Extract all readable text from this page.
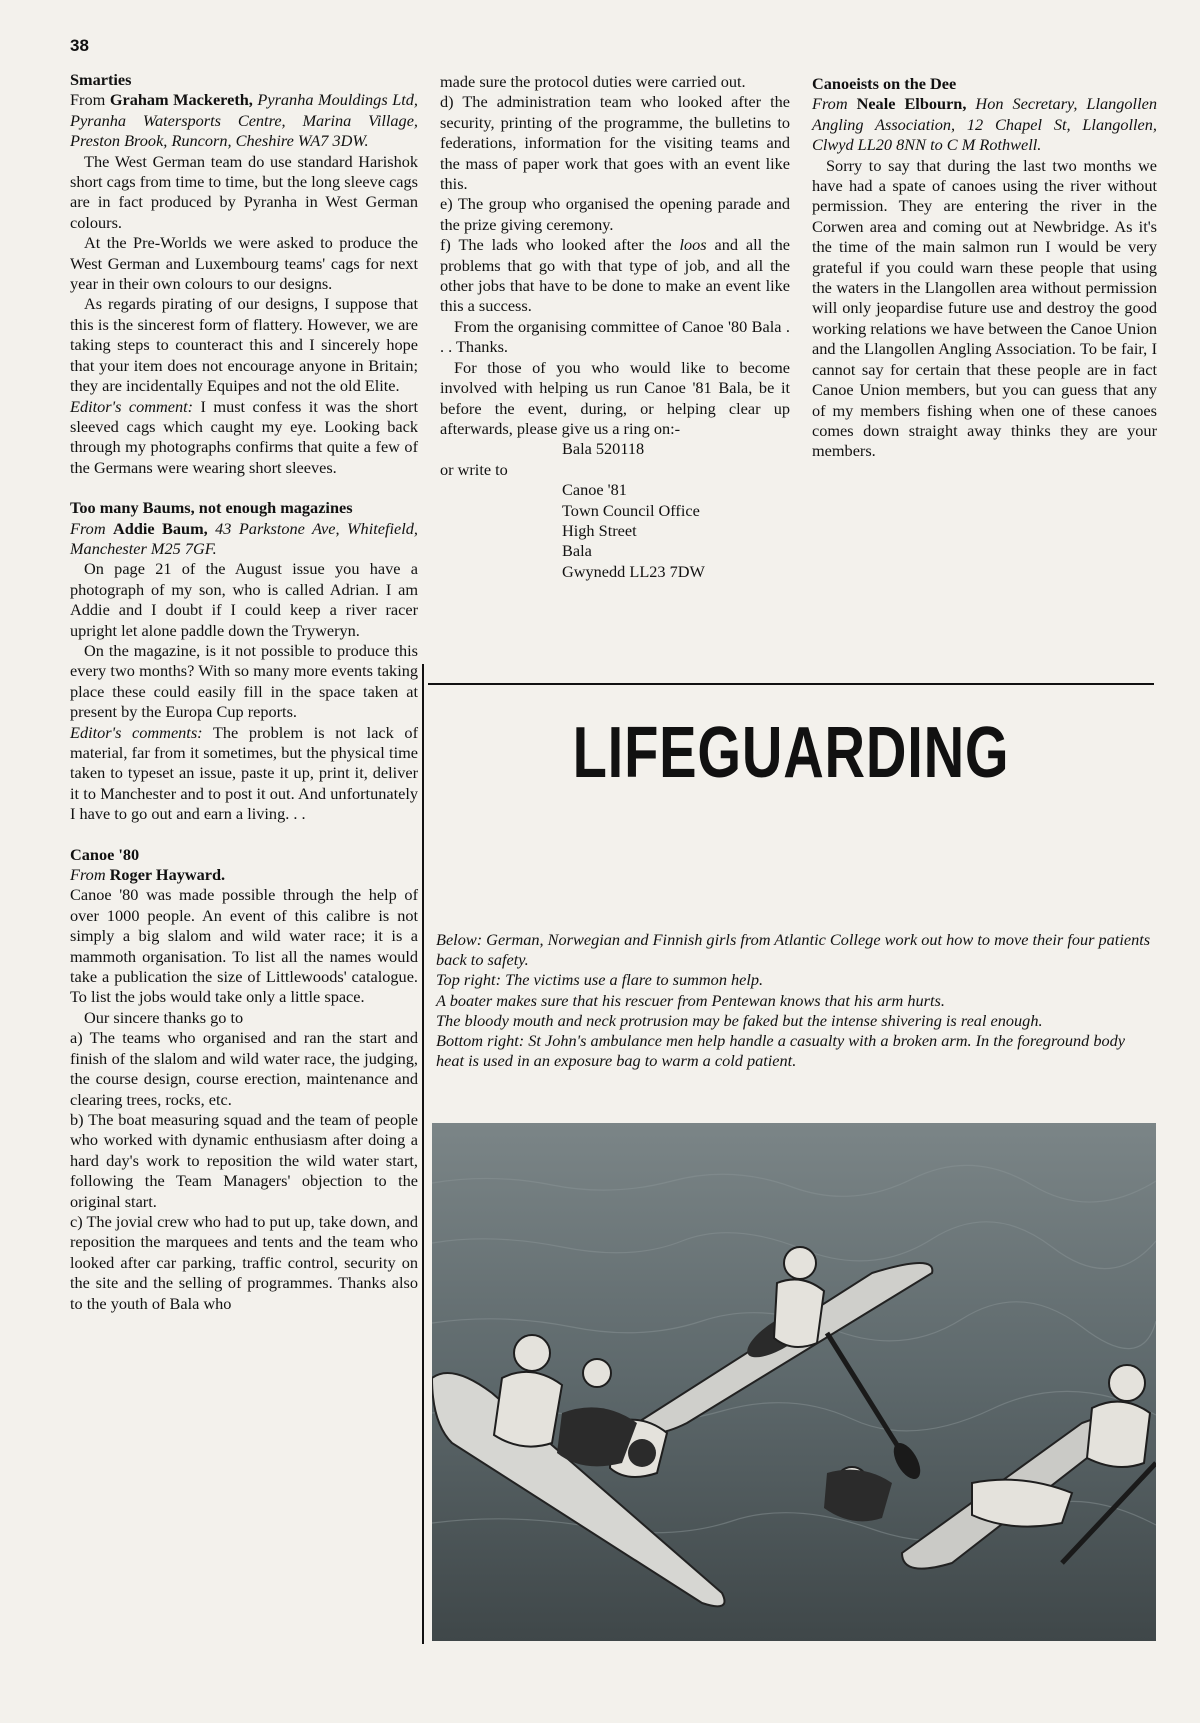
38

Smarties

From Graham Mackereth, Pyranha Mouldings Ltd, Pyranha Watersports Centre, Marina Village, Preston Brook, Runcorn, Cheshire WA7 3DW.

The West German team do use standard Harishok short cags from time to time, but the long sleeve cags are in fact produced by Pyranha in West German colours.

At the Pre-Worlds we were asked to produce the West German and Luxembourg teams' cags for next year in their own colours to our designs.

As regards pirating of our designs, I suppose that this is the sincerest form of flattery. However, we are taking steps to counteract this and I sincerely hope that your item does not encourage anyone in Britain; they are incidentally Equipes and not the old Elite.

Editor's comment: I must confess it was the short sleeved cags which caught my eye. Looking back through my photographs confirms that quite a few of the Germans were wearing short sleeves.

Too many Baums, not enough magazines

From Addie Baum, 43 Parkstone Ave, Whitefield, Manchester M25 7GF.

On page 21 of the August issue you have a photograph of my son, who is called Adrian. I am Addie and I doubt if I could keep a river racer upright let alone paddle down the Tryweryn.

On the magazine, is it not possible to produce this every two months? With so many more events taking place these could easily fill in the space taken at present by the Europa Cup reports.

Editor's comments: The problem is not lack of material, far from it sometimes, but the physical time taken to typeset an issue, paste it up, print it, deliver it to Manchester and to post it out. And unfortunately I have to go out and earn a living. . .

Canoe '80

From Roger Hayward.

Canoe '80 was made possible through the help of over 1000 people. An event of this calibre is not simply a big slalom and wild water race; it is a mammoth organisation. To list all the names would take a publication the size of Littlewoods' catalogue. To list the jobs would take only a little space.

Our sincere thanks go to

a) The teams who organised and ran the start and finish of the slalom and wild water race, the judging, the course design, course erection, maintenance and clearing trees, rocks, etc.

b) The boat measuring squad and the team of people who worked with dynamic enthusiasm after doing a hard day's work to reposition the wild water start, following the Team Managers' objection to the original start.

c) The jovial crew who had to put up, take down, and reposition the marquees and tents and the team who looked after car parking, traffic control, security on the site and the selling of programmes. Thanks also to the youth of Bala who

made sure the protocol duties were carried out.

d) The administration team who looked after the security, printing of the programme, the bulletins to federations, information for the visiting teams and the mass of paper work that goes with an event like this.

e) The group who organised the opening parade and the prize giving ceremony.

f) The lads who looked after the loos and all the problems that go with that type of job, and all the other jobs that have to be done to make an event like this a success.

From the organising committee of Canoe '80 Bala . . . Thanks.

For those of you who would like to become involved with helping us run Canoe '81 Bala, be it before the event, during, or helping clear up afterwards, please give us a ring on:-

Bala 520118

or write to

Canoe '81

Town Council Office

High Street

Bala

Gwynedd LL23 7DW

Canoeists on the Dee

From Neale Elbourn, Hon Secretary, Llangollen Angling Association, 12 Chapel St, Llangollen, Clwyd LL20 8NN to C M Rothwell.

Sorry to say that during the last two months we have had a spate of canoes using the river without permission. They are entering the river in the Corwen area and coming out at Newbridge. As it's the time of the main salmon run I would be very grateful if you could warn these people that using the waters in the Llangollen area without permission will only jeopardise future use and destroy the good working relations we have between the Canoe Union and the Llangollen Angling Association. To be fair, I cannot say for certain that these people are in fact Canoe Union members, but you can guess that any of my members fishing when one of these canoes comes down straight away thinks they are your members.

LIFEGUARDING

Below: German, Norwegian and Finnish girls from Atlantic College work out how to move their four patients back to safety.

Top right: The victims use a flare to summon help.

A boater makes sure that his rescuer from Pentewan knows that his arm hurts.

The bloody mouth and neck protrusion may be faked but the intense shivering is real enough.

Bottom right: St John's ambulance men help handle a casualty with a broken arm. In the foreground body heat is used in an exposure bag to warm a cold patient.
